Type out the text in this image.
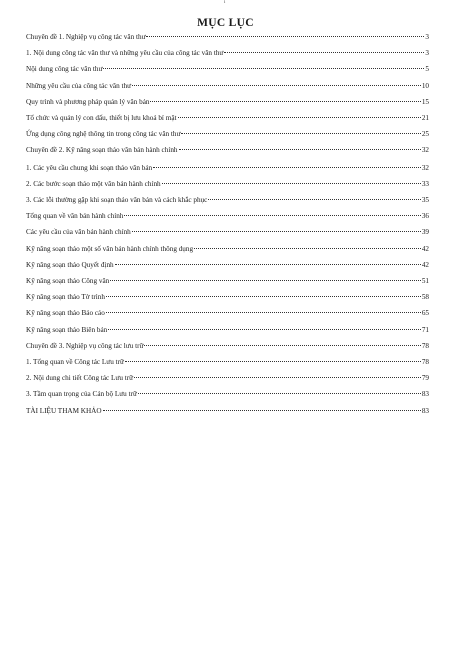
i
MỤC LỤC
Chuyên đề 1. Nghiệp vụ công tác văn thư	3
1. Nội dung công tác văn thư và những yêu cầu của công tác văn thư	3
Nội dung công tác văn thư	5
Những yêu cầu của công tác văn thư	10
Quy trình và phương pháp quản lý văn bản	15
Tổ chức và quản lý con dấu, thiết bị lưu khoá bí mật	21
Ứng dụng công nghệ thông tin trong công tác văn thư	25
Chuyên đề 2. Kỹ năng soạn thảo văn bản hành chính	32
1. Các yêu cầu chung khi soạn thảo văn bản	32
2. Các bước soạn thảo một văn bản hành chính	33
3. Các lỗi thường gặp khi soạn thảo văn bản và cách khắc phục	35
Tổng quan về văn bản hành chính	36
Các yêu cầu của văn bản hành chính	39
Kỹ năng soạn thảo một số văn bản hành chính thông dụng	42
Kỹ năng soạn thảo Quyết định	42
Kỹ năng soạn thảo Công văn	51
Kỹ năng soạn thảo Tờ trình	58
Kỹ năng soạn thảo Báo cáo	65
Kỹ năng soạn thảo Biên bản	71
Chuyên đề 3. Nghiệp vụ công tác lưu trữ	78
1. Tổng quan về Công tác Lưu trữ	78
2. Nội dung chi tiết Công tác Lưu trữ	79
3. Tầm quan trọng của Cán bộ Lưu trữ	83
TÀI LIỆU THAM KHẢO	83
